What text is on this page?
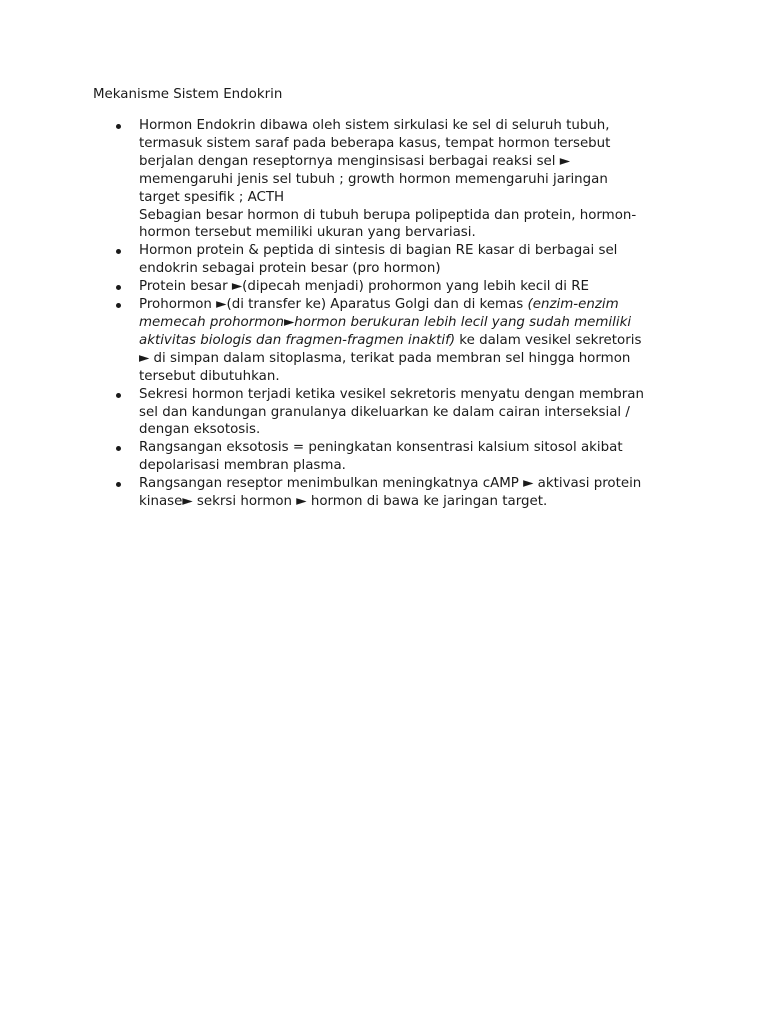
Mekanisme Sistem Endokrin
Hormon Endokrin dibawa oleh sistem sirkulasi ke sel di seluruh tubuh,
termasuk sistem saraf pada beberapa kasus, tempat hormon tersebut
berjalan dengan reseptornya menginsisasi berbagai reaksi sel ►
memengaruhi jenis sel tubuh ; growth hormon memengaruhi jaringan
target spesifik ; ACTH
Sebagian besar hormon di tubuh berupa polipeptida dan protein, hormon-
hormon tersebut memiliki ukuran yang bervariasi.
Hormon protein & peptida di sintesis di bagian RE kasar di berbagai sel
endokrin sebagai protein besar (pro hormon)
Protein besar ►(dipecah menjadi) prohormon yang lebih kecil di RE
Prohormon ►(di transfer ke) Aparatus Golgi dan di kemas (enzim-enzim
memecah prohormon►hormon berukuran lebih lecil yang sudah memiliki
aktivitas biologis dan fragmen-fragmen inaktif) ke dalam vesikel sekretoris
► di simpan dalam sitoplasma, terikat pada membran sel hingga hormon
tersebut dibutuhkan.
Sekresi hormon terjadi ketika vesikel sekretoris menyatu dengan membran
sel dan kandungan granulanya dikeluarkan ke dalam cairan interseksial /
dengan eksotosis.
Rangsangan eksotosis = peningkatan konsentrasi kalsium sitosol akibat
depolarisasi membran plasma.
Rangsangan reseptor menimbulkan meningkatnya cAMP ► aktivasi protein
kinase► sekrsi hormon ► hormon di bawa ke jaringan target.
